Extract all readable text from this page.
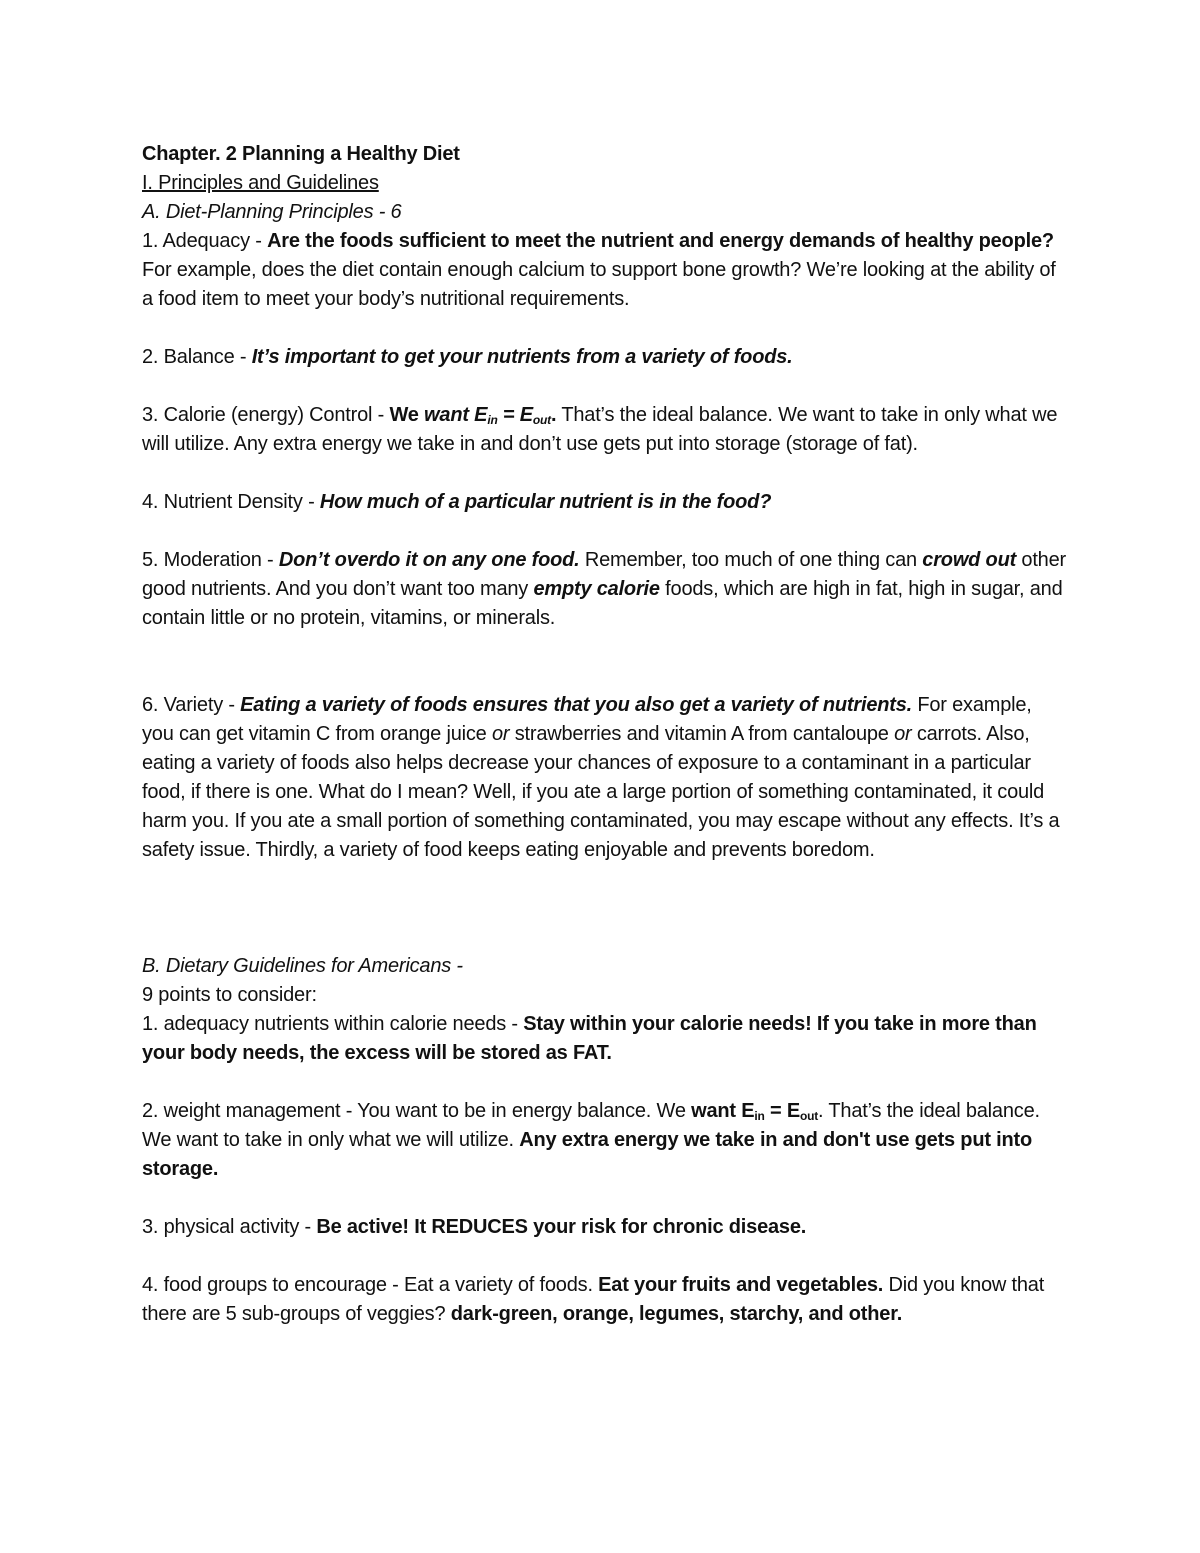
Chapter. 2 Planning a Healthy Diet

I. Principles and Guidelines

A. Diet-Planning Principles - 6

1. Adequacy - Are the foods sufficient to meet the nutrient and energy demands of healthy people? For example, does the diet contain enough calcium to support bone growth? We’re looking at the ability of a food item to meet your body’s nutritional requirements.

2. Balance - It’s important to get your nutrients from a variety of foods.

3. Calorie (energy) Control - We want $E_{in} = E_{out}$. That’s the ideal balance. We want to take in only what we will utilize. Any extra energy we take in and don’t use gets put into storage (storage of fat).

4. Nutrient Density - How much of a particular nutrient is in the food?

5. Moderation - Don’t overdo it on any one food. Remember, too much of one thing can crowd out other good nutrients. And you don’t want too many empty calorie foods, which are high in fat, high in sugar, and contain little or no protein, vitamins, or minerals.

6. Variety - Eating a variety of foods ensures that you also get a variety of nutrients. For example, you can get vitamin C from orange juice or strawberries and vitamin A from cantaloupe or carrots. Also, eating a variety of foods also helps decrease your chances of exposure to a contaminant in a particular food, if there is one. What do I mean? Well, if you ate a large portion of something contaminated, it could harm you. If you ate a small portion of something contaminated, you may escape without any effects. It’s a safety issue. Thirdly, a variety of food keeps eating enjoyable and prevents boredom.

B. Dietary Guidelines for Americans -

9 points to consider:

1. adequacy nutrients within calorie needs - Stay within your calorie needs! If you take in more than your body needs, the excess will be stored as FAT.

2. weight management - You want to be in energy balance. We want $E_{in} = E_{out}$. That’s the ideal balance. We want to take in only what we will utilize. Any extra energy we take in and don't use gets put into storage.

3. physical activity - Be active! It REDUCES your risk for chronic disease.

4. food groups to encourage - Eat a variety of foods. Eat your fruits and vegetables. Did you know that there are 5 sub-groups of veggies? dark-green, orange, legumes, starchy, and other.
